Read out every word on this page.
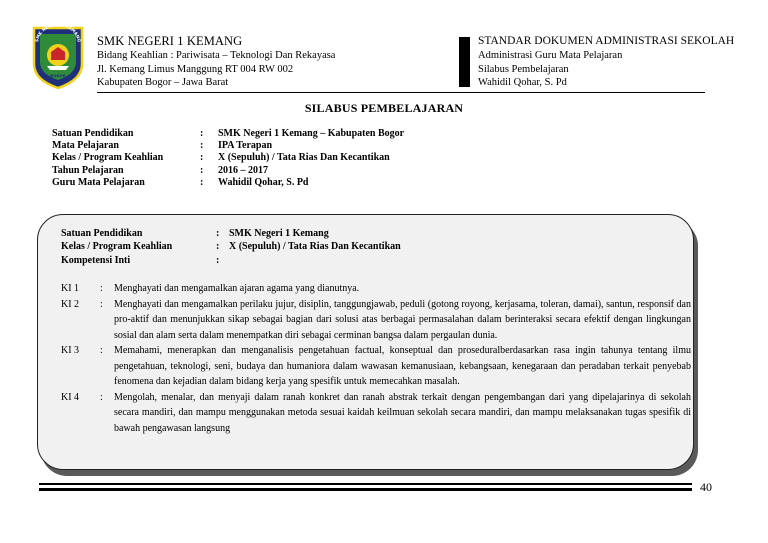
SMK NEGERI 1 KEMANG
BOGOR
SMK NEGERI 1 KEMANG
Bidang Keahlian : Pariwisata – Teknologi Dan Rekayasa
Jl. Kemang Limus Manggung RT 004 RW 002
Kabupaten Bogor – Jawa Barat
STANDAR DOKUMEN ADMINISTRASI SEKOLAH
Administrasi Guru Mata Pelajaran
Silabus Pembelajaran
Wahidil Qohar, S. Pd
SILABUS PEMBELAJARAN
Satuan Pendidikan	:	SMK Negeri 1 Kemang – Kabupaten Bogor
Mata Pelajaran	:	IPA Terapan
Kelas / Program Keahlian	:	X (Sepuluh) / Tata Rias Dan Kecantikan
Tahun Pelajaran	:	2016 – 2017
Guru Mata Pelajaran	:	Wahidil Qohar, S. Pd
Satuan Pendidikan	: SMK Negeri 1 Kemang
Kelas / Program Keahlian	: X (Sepuluh) / Tata Rias Dan Kecantikan
Kompetensi Inti	:
KI 1	:	Menghayati dan mengamalkan ajaran agama yang dianutnya.
KI 2	:	Menghayati dan mengamalkan perilaku jujur, disiplin, tanggungjawab, peduli (gotong royong, kerjasama, toleran, damai), santun, responsif dan pro-aktif dan menunjukkan sikap sebagai bagian dari solusi atas berbagai permasalahan dalam berinteraksi secara efektif dengan lingkungan sosial dan alam serta dalam menempatkan diri sebagai cerminan bangsa dalam pergaulan dunia.
KI 3	:	Memahami, menerapkan dan menganalisis pengetahuan factual, konseptual dan proseduralberdasarkan rasa ingin tahunya tentang ilmu pengetahuan, teknologi, seni, budaya dan humaniora dalam wawasan kemanusiaan, kebangsaan, kenegaraan dan peradaban terkait penyebab fenomena dan kejadian dalam bidang kerja yang spesifik untuk memecahkan masalah.
KI 4	:	Mengolah, menalar, dan menyaji dalam ranah konkret dan ranah abstrak terkait dengan pengembangan dari yang dipelajarinya di sekolah secara mandiri, dan mampu menggunakan metoda sesuai kaidah keilmuan sekolah secara mandiri, dan mampu melaksanakan tugas spesifik di bawah pengawasan langsung
40
